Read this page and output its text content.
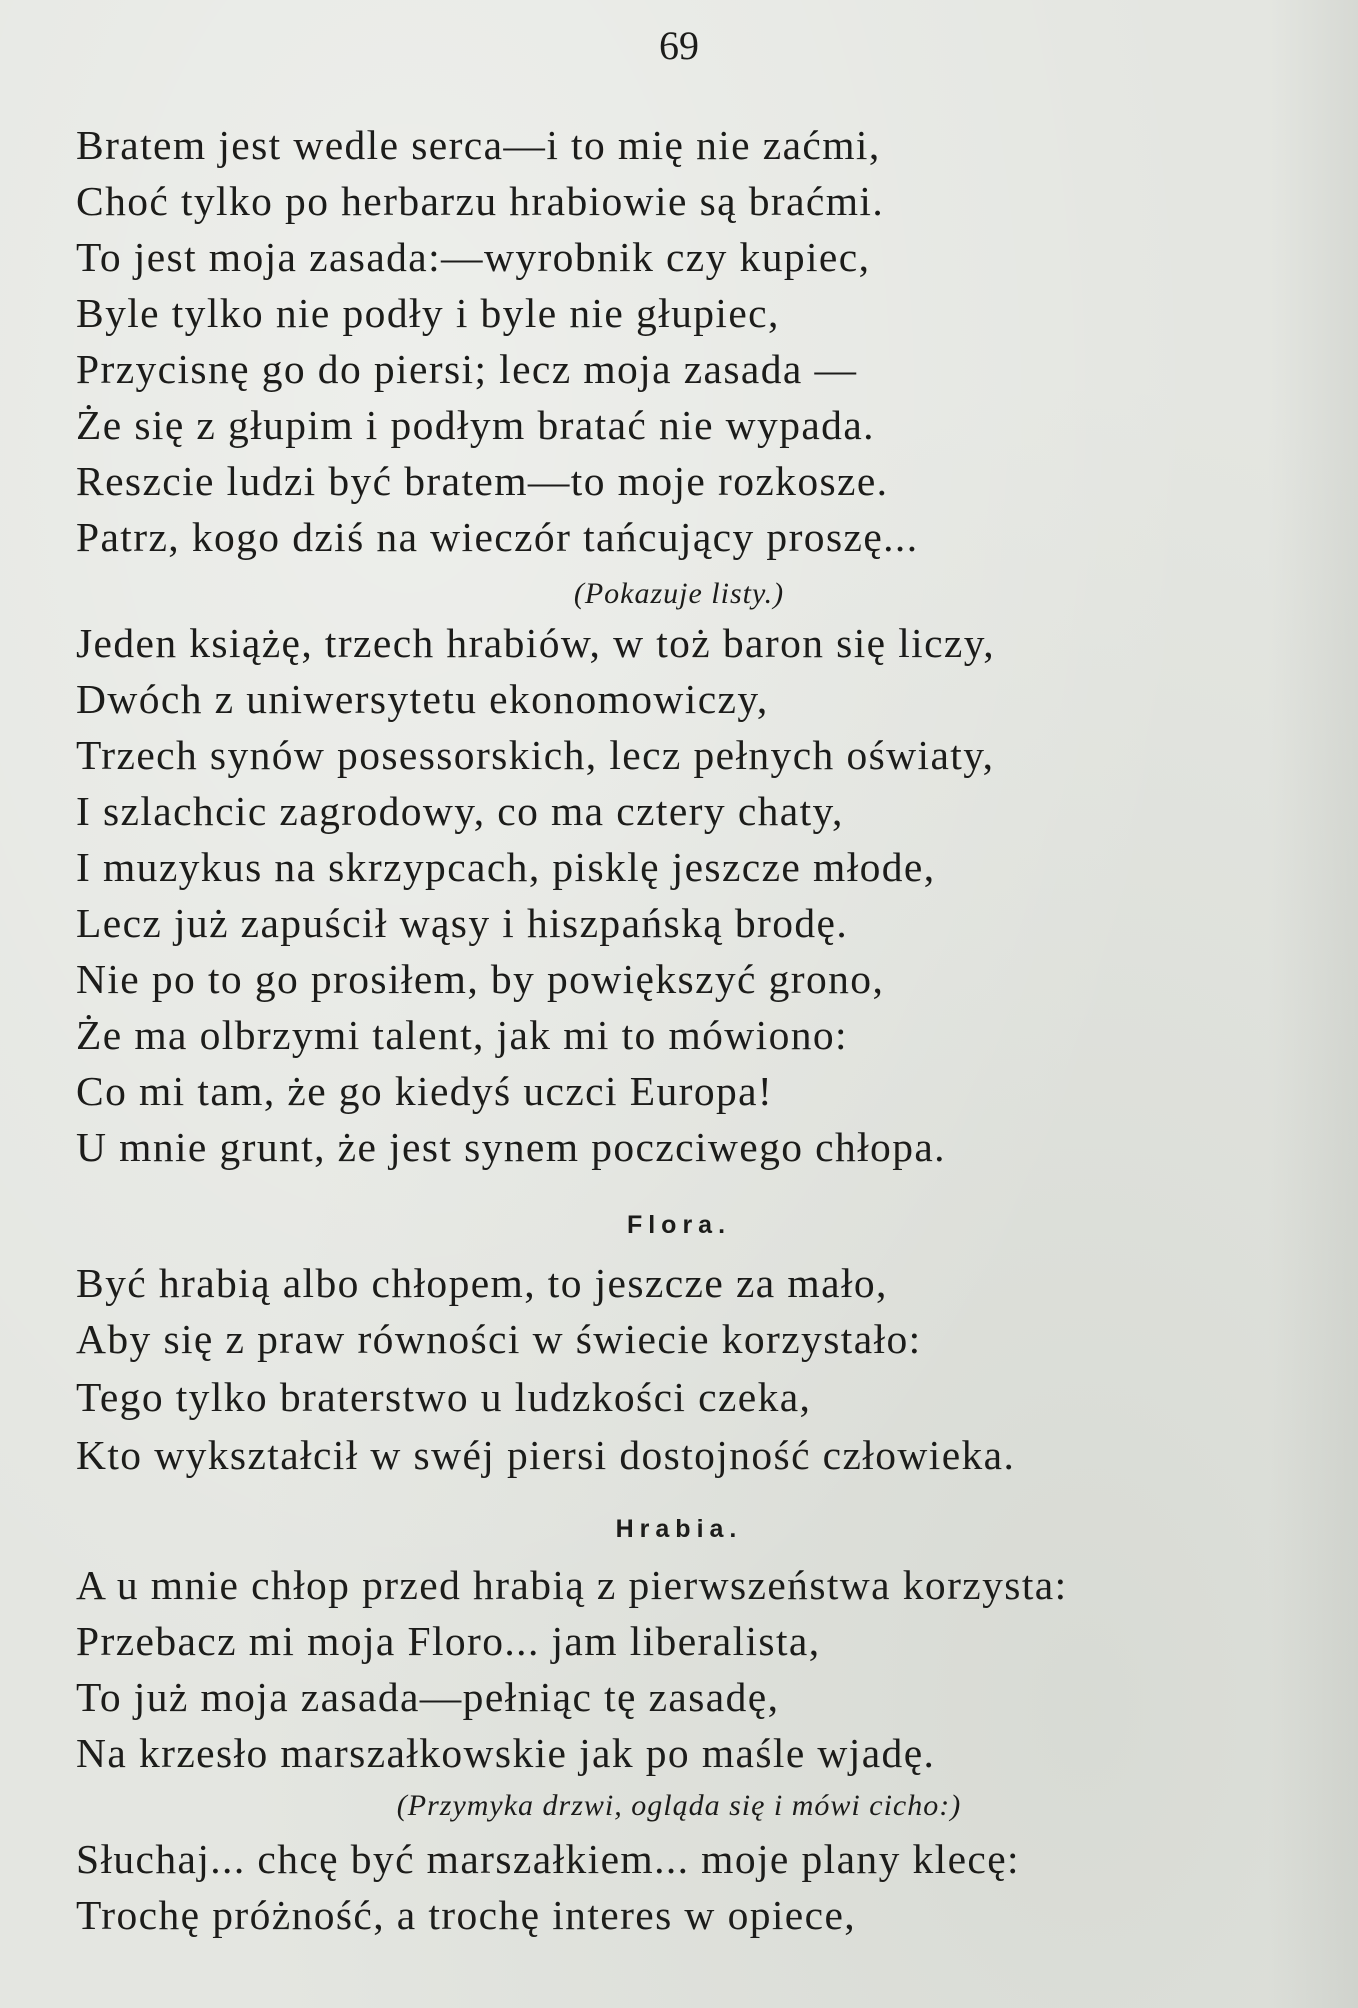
69
Bratem jest wedle serca—i to mię nie zaćmi,
Choć tylko po herbarzu hrabiowie są braćmi.
To jest moja zasada:—wyrobnik czy kupiec,
Byle tylko nie podły i byle nie głupiec,
Przycisnę go do piersi; lecz moja zasada —
Że się z głupim i podłym bratać nie wypada.
Reszcie ludzi być bratem—to moje rozkosze.
Patrz, kogo dziś na wieczór tańcujący proszę...
(Pokazuje listy.)
Jeden książę, trzech hrabiów, w toż baron się liczy,
Dwóch z uniwersytetu ekonomowiczy,
Trzech synów posessorskich, lecz pełnych oświaty,
I szlachcic zagrodowy, co ma cztery chaty,
I muzykus na skrzypcach, pisklę jeszcze młode,
Lecz już zapuścił wąsy i hiszpańską brodę.
Nie po to go prosiłem, by powiększyć grono,
Że ma olbrzymi talent, jak mi to mówiono:
Co mi tam, że go kiedyś uczci Europa!
U mnie grunt, że jest synem poczciwego chłopa.
Flora.
Być hrabią albo chłopem, to jeszcze za mało,
Aby się z praw równości w świecie korzystało:
Tego tylko braterstwo u ludzkości czeka,
Kto wykształcił w swéj piersi dostojność człowieka.
Hrabia.
A u mnie chłop przed hrabią z pierwszeństwa korzysta:
Przebacz mi moja Floro... jam liberalista,
To już moja zasada—pełniąc tę zasadę,
Na krzesło marszałkowskie jak po maśle wjadę.
(Przymyka drzwi, ogląda się i mówi cicho:)
Słuchaj... chcę być marszałkiem... moje plany klecę:
Trochę próżność, a trochę interes w opiece,
